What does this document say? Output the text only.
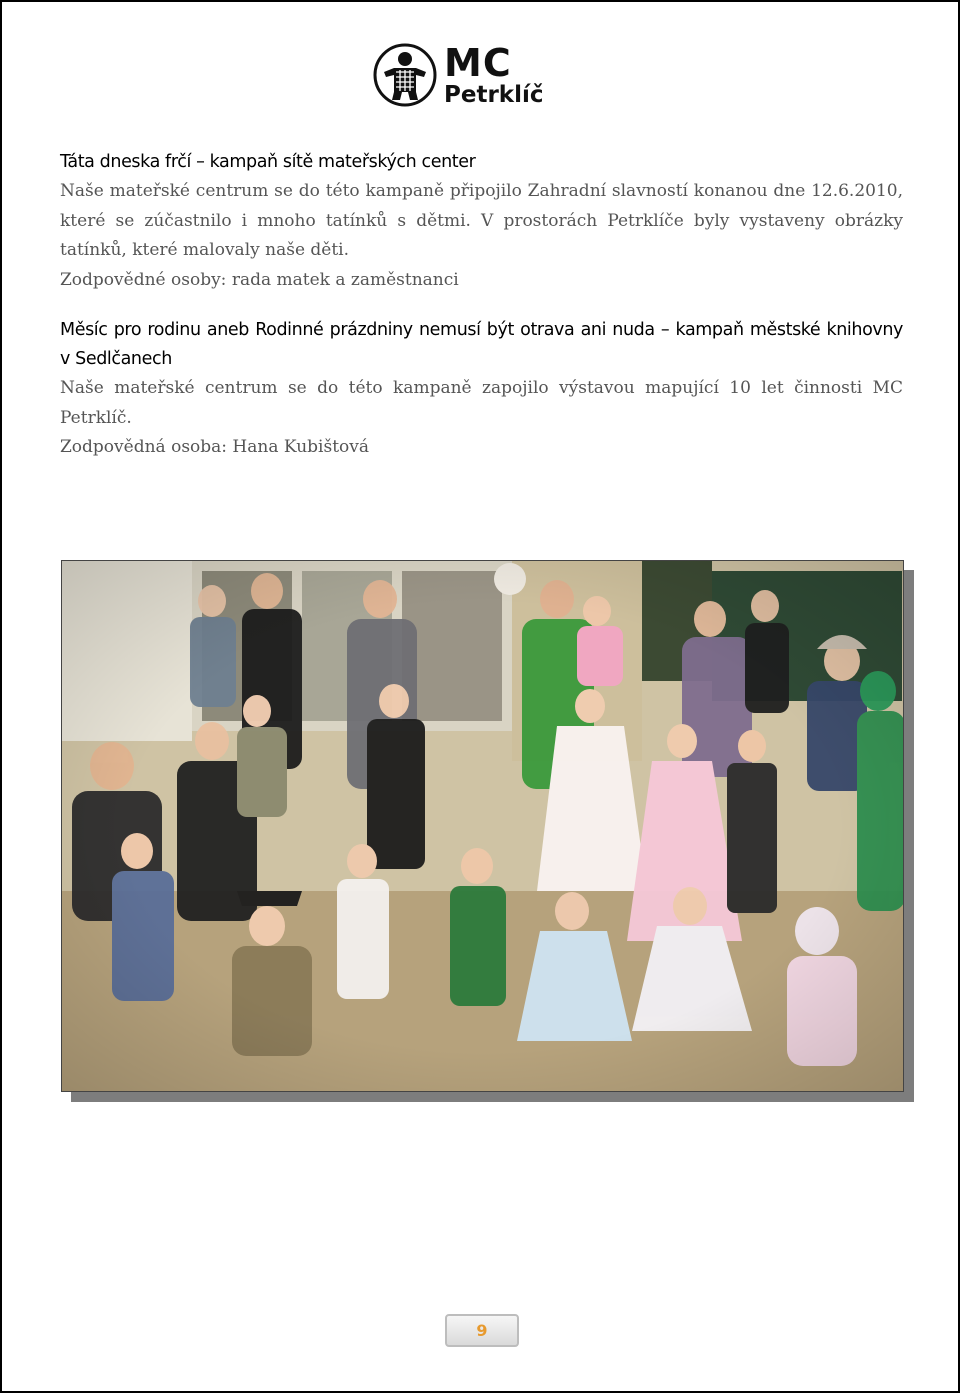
MC
Petrklíč
Táta dneska frčí – kampaň sítě mateřských center

Naše mateřské centrum se do této kampaně připojilo Zahradní slavností konanou dne 12.6.2010, které se zúčastnilo i mnoho tatínků s dětmi. V prostorách Petrklíče byly vystaveny obrázky tatínků, které malovaly naše děti.

Zodpovědné osoby: rada matek a zaměstnanci

Měsíc pro rodinu aneb Rodinné prázdniny nemusí být otrava ani nuda – kampaň městské knihovny v Sedlčanech

Naše mateřské centrum se do této kampaně zapojilo výstavou mapující 10 let činnosti MC Petrklíč.

Zodpovědná osoba: Hana Kubištová

9
